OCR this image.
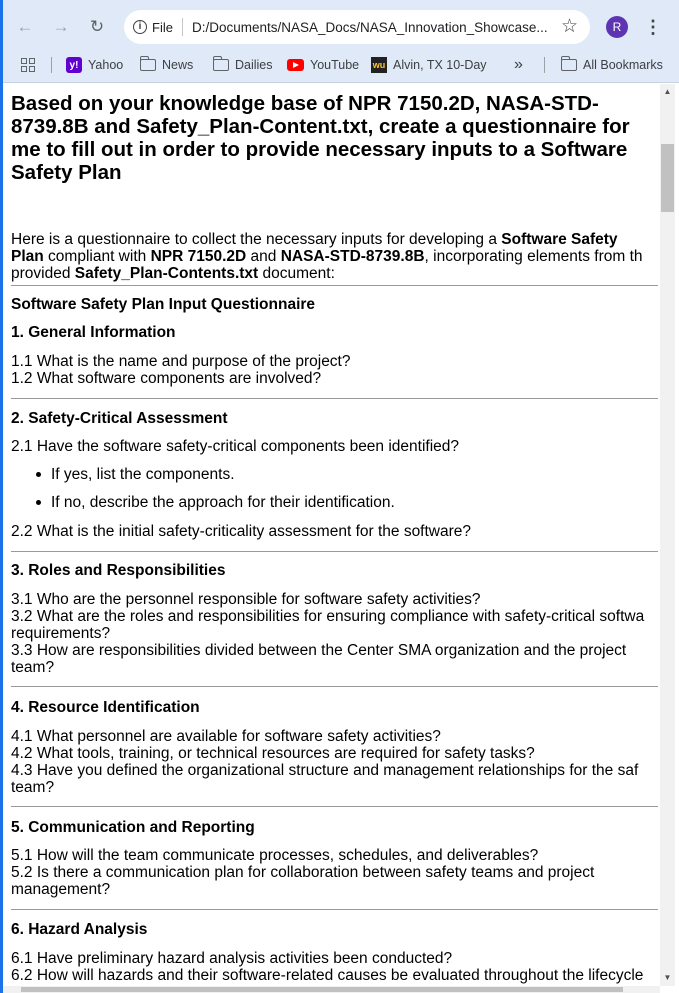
← → ↻	i File D:/Documents/NASA_Docs/NASA_Innovation_Showcase... ☆	R	⋮
y! Yahoo	News	Dailies	YouTube wu Alvin, TX 10-Day »	All Bookmarks
Based on your knowledge base of NPR 7150.2D, NASA-STD-8739.8B and Safety_Plan-Content.txt, create a questionnaire for me to fill out in order to provide necessary inputs to a Software Safety Plan

Here is a questionnaire to collect the necessary inputs for developing a Software Safety

Plan compliant with NPR 7150.2D and NASA-STD-8739.8B, incorporating elements from th

provided Safety_Plan-Contents.txt document:

Software Safety Plan Input Questionnaire
1. General Information
1.1 What is the name and purpose of the project?
1.2 What software components are involved?
2. Safety-Critical Assessment
2.1 Have the software safety-critical components been identified?
If yes, list the components.
If no, describe the approach for their identification.
2.2 What is the initial safety-criticality assessment for the software?
3. Roles and Responsibilities
3.1 Who are the personnel responsible for software safety activities?
3.2 What are the roles and responsibilities for ensuring compliance with safety-critical softwa
requirements?
3.3 How are responsibilities divided between the Center SMA organization and the project
team?
4. Resource Identification
4.1 What personnel are available for software safety activities?
4.2 What tools, training, or technical resources are required for safety tasks?
4.3 Have you defined the organizational structure and management relationships for the saf
team?
5. Communication and Reporting
5.1 How will the team communicate processes, schedules, and deliverables?
5.2 Is there a communication plan for collaboration between safety teams and project
management?
6. Hazard Analysis
6.1 Have preliminary hazard analysis activities been conducted?
6.2 How will hazards and their software-related causes be evaluated throughout the lifecycle
▲
▼
